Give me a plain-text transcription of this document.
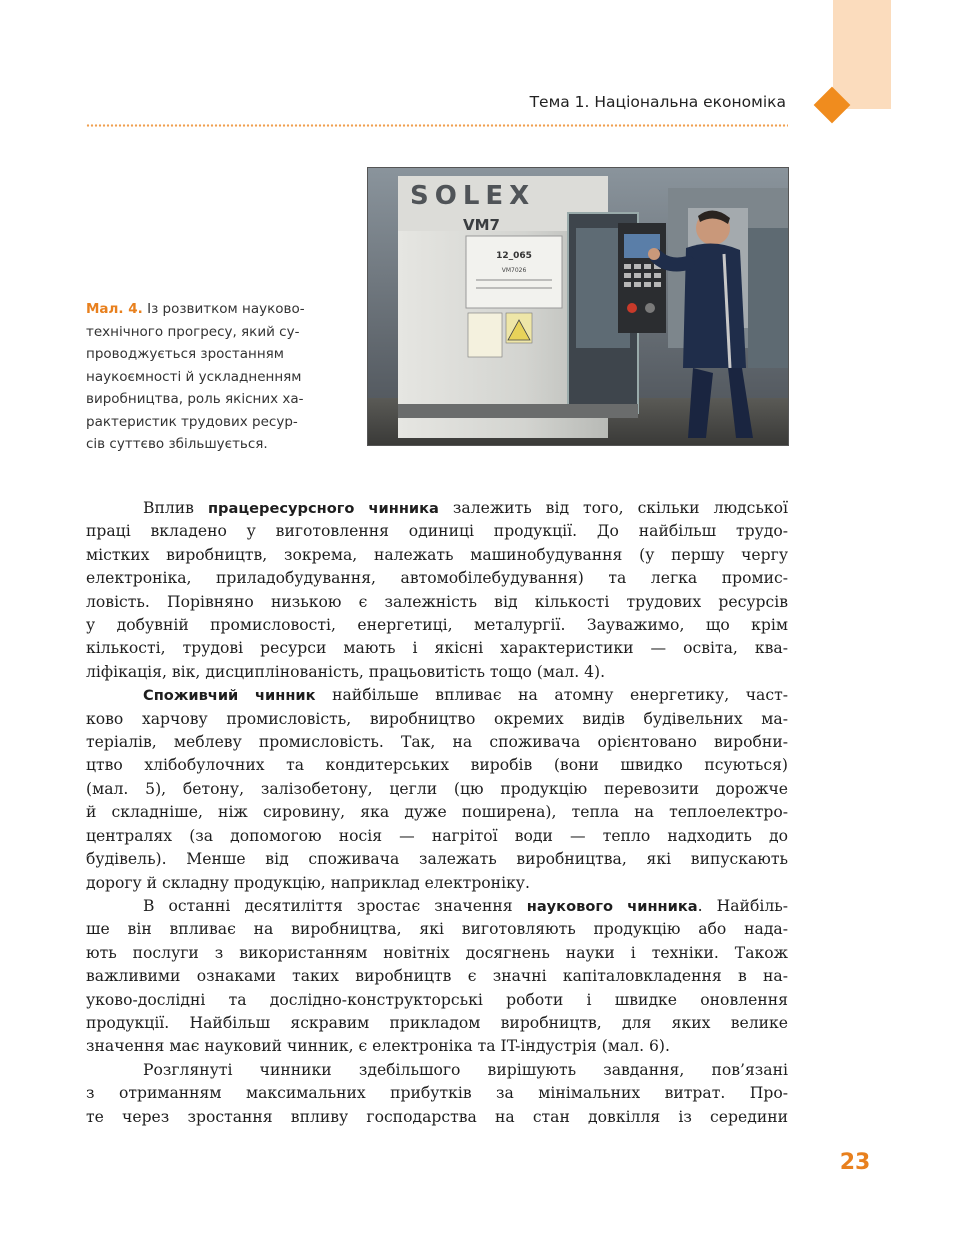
Тема 1. Національна економіка
Мал. 4. Із розвитком науково-
технічного прогресу, який су-
проводжується зростанням
наукоємності й ускладненням
виробництва, роль якісних ха-
рактеристик трудових ресур-
сів суттєво збільшується.
SOLEX
VM7
12_065
VM7026
Вплив працересурсного чинника залежить від того, скільки людської
праці вкладено у виготовлення одиниці продукції. До найбільш трудо-
містких виробництв, зокрема, належать машинобудування (у першу чергу
електроніка, приладобудування, автомобілебудування) та легка промис-
ловість. Порівняно низькою є залежність від кількості трудових ресурсів
у добувній промисловості, енергетиці, металургії. Зауважимо, що крім
кількості, трудові ресурси мають і якісні характеристики — освіта, ква-
ліфікація, вік, дисциплінованість, працьовитість тощо (мал. 4).
Споживчий чинник найбільше впливає на атомну енергетику, част-
ково харчову промисловість, виробництво окремих видів будівельних ма-
теріалів, меблеву промисловість. Так, на споживача орієнтовано виробни-
цтво хлібобулочних та кондитерських виробів (вони швидко псуються)
(мал. 5), бетону, залізобетону, цегли (цю продукцію перевозити дорожче
й складніше, ніж сировину, яка дуже поширена), тепла на теплоелектро-
централях (за допомогою носія — нагрітої води — тепло надходить до
будівель). Менше від споживача залежать виробництва, які випускають
дорогу й складну продукцію, наприклад електроніку.
В останні десятиліття зростає значення наукового чинника. Найбіль-
ше він впливає на виробництва, які виготовляють продукцію або нада-
ють послуги з використанням новітніх досягнень науки і техніки. Також
важливими ознаками таких виробництв є значні капіталовкладення в на-
уково-дослідні та дослідно-конструкторські роботи і швидке оновлення
продукції. Найбільш яскравим прикладом виробництв, для яких велике
значення має науковий чинник, є електроніка та IT-індустрія (мал. 6).
Розглянуті чинники здебільшого вирішують завдання, пов’язані
з отриманням максимальних прибутків за мінімальних витрат. Про-
те через зростання впливу господарства на стан довкілля із середини
23
